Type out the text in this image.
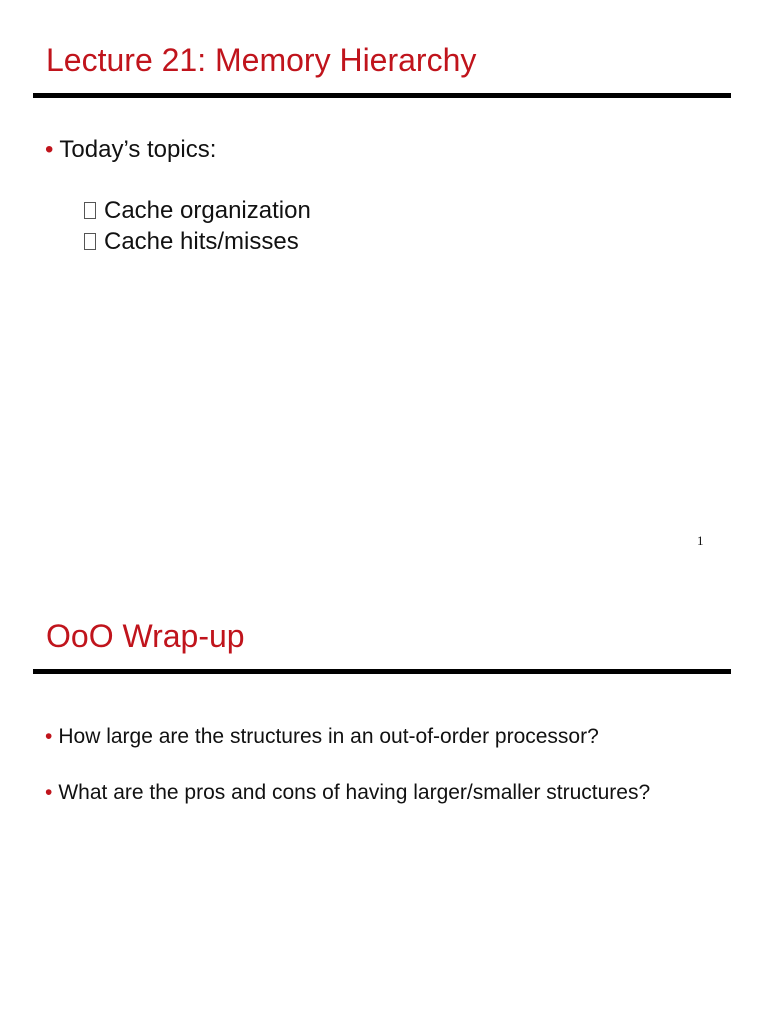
Lecture 21: Memory Hierarchy
• Today’s topics:
Cache organization
Cache hits/misses
1
OoO Wrap-up
• How large are the structures in an out-of-order processor?
• What are the pros and cons of having larger/smaller structures?
